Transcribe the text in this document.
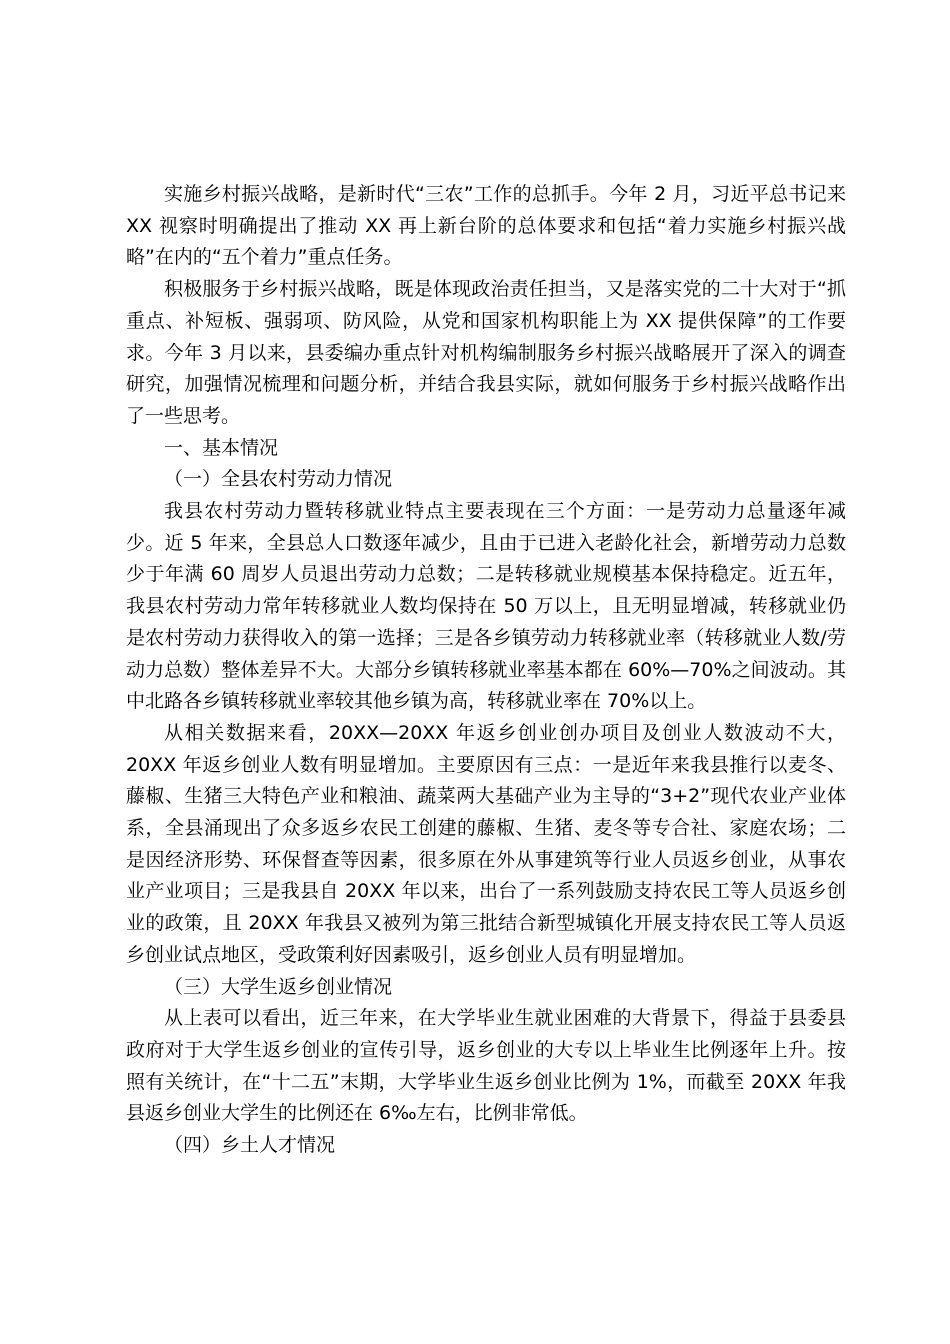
实施乡村振兴战略，是新时代“三农”工作的总抓手。今年 2 月，习近平总书记来 XX 视察时明确提出了推动 XX 再上新台阶的总体要求和包括“着力实施乡村振兴战略”在内的“五个着力”重点任务。

积极服务于乡村振兴战略，既是体现政治责任担当，又是落实党的二十大对于“抓重点、补短板、强弱项、防风险，从党和国家机构职能上为 XX 提供保障”的工作要求。今年 3 月以来，县委编办重点针对机构编制服务乡村振兴战略展开了深入的调查研究，加强情况梳理和问题分析，并结合我县实际，就如何服务于乡村振兴战略作出了一些思考。

一、基本情况

（一）全县农村劳动力情况

我县农村劳动力暨转移就业特点主要表现在三个方面：一是劳动力总量逐年减少。近 5 年来，全县总人口数逐年减少，且由于已进入老龄化社会，新增劳动力总数少于年满 60 周岁人员退出劳动力总数；二是转移就业规模基本保持稳定。近五年，我县农村劳动力常年转移就业人数均保持在 50 万以上，且无明显增减，转移就业仍是农村劳动力获得收入的第一选择；三是各乡镇劳动力转移就业率（转移就业人数/劳动力总数）整体差异不大。大部分乡镇转移就业率基本都在 60%—70%之间波动。其中北路各乡镇转移就业率较其他乡镇为高，转移就业率在 70%以上。

从相关数据来看，20XX—20XX 年返乡创业创办项目及创业人数波动不大，20XX 年返乡创业人数有明显增加。主要原因有三点：一是近年来我县推行以麦冬、藤椒、生猪三大特色产业和粮油、蔬菜两大基础产业为主导的“3+2”现代农业产业体系，全县涌现出了众多返乡农民工创建的藤椒、生猪、麦冬等专合社、家庭农场；二是因经济形势、环保督查等因素，很多原在外从事建筑等行业人员返乡创业，从事农业产业项目；三是我县自 20XX 年以来，出台了一系列鼓励支持农民工等人员返乡创业的政策，且 20XX 年我县又被列为第三批结合新型城镇化开展支持农民工等人员返乡创业试点地区，受政策利好因素吸引，返乡创业人员有明显增加。

（三）大学生返乡创业情况

从上表可以看出，近三年来，在大学毕业生就业困难的大背景下，得益于县委县政府对于大学生返乡创业的宣传引导，返乡创业的大专以上毕业生比例逐年上升。按照有关统计，在“十二五”末期，大学毕业生返乡创业比例为 1%，而截至 20XX 年我县返乡创业大学生的比例还在 6‰左右，比例非常低。

（四）乡土人才情况
